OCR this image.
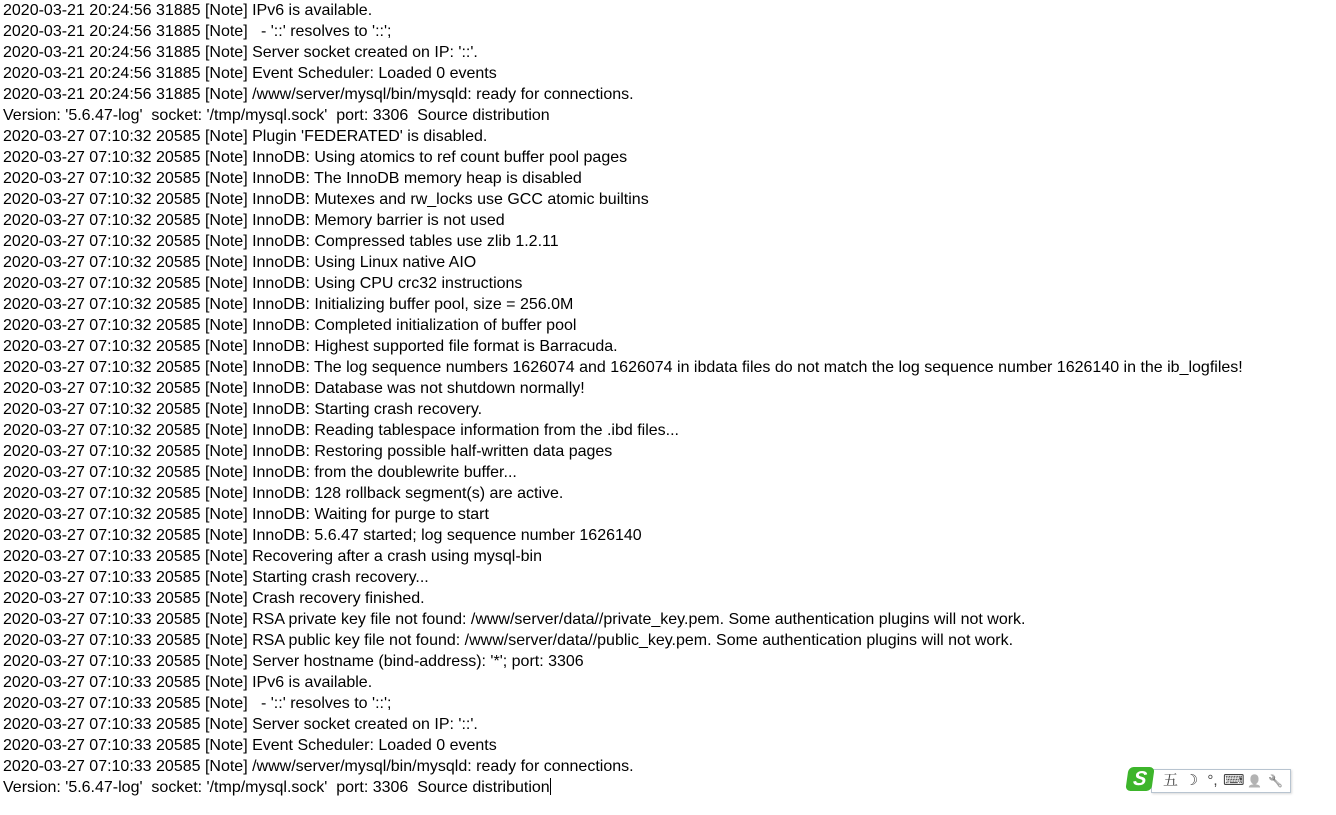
2020-03-21 20:24:56 31885 [Note] IPv6 is available.
2020-03-21 20:24:56 31885 [Note]   - '::' resolves to '::';
2020-03-21 20:24:56 31885 [Note] Server socket created on IP: '::'.
2020-03-21 20:24:56 31885 [Note] Event Scheduler: Loaded 0 events
2020-03-21 20:24:56 31885 [Note] /www/server/mysql/bin/mysqld: ready for connections.
Version: '5.6.47-log'  socket: '/tmp/mysql.sock'  port: 3306  Source distribution
2020-03-27 07:10:32 20585 [Note] Plugin 'FEDERATED' is disabled.
2020-03-27 07:10:32 20585 [Note] InnoDB: Using atomics to ref count buffer pool pages
2020-03-27 07:10:32 20585 [Note] InnoDB: The InnoDB memory heap is disabled
2020-03-27 07:10:32 20585 [Note] InnoDB: Mutexes and rw_locks use GCC atomic builtins
2020-03-27 07:10:32 20585 [Note] InnoDB: Memory barrier is not used
2020-03-27 07:10:32 20585 [Note] InnoDB: Compressed tables use zlib 1.2.11
2020-03-27 07:10:32 20585 [Note] InnoDB: Using Linux native AIO
2020-03-27 07:10:32 20585 [Note] InnoDB: Using CPU crc32 instructions
2020-03-27 07:10:32 20585 [Note] InnoDB: Initializing buffer pool, size = 256.0M
2020-03-27 07:10:32 20585 [Note] InnoDB: Completed initialization of buffer pool
2020-03-27 07:10:32 20585 [Note] InnoDB: Highest supported file format is Barracuda.
2020-03-27 07:10:32 20585 [Note] InnoDB: The log sequence numbers 1626074 and 1626074 in ibdata files do not match the log sequence number 1626140 in the ib_logfiles!
2020-03-27 07:10:32 20585 [Note] InnoDB: Database was not shutdown normally!
2020-03-27 07:10:32 20585 [Note] InnoDB: Starting crash recovery.
2020-03-27 07:10:32 20585 [Note] InnoDB: Reading tablespace information from the .ibd files...
2020-03-27 07:10:32 20585 [Note] InnoDB: Restoring possible half-written data pages
2020-03-27 07:10:32 20585 [Note] InnoDB: from the doublewrite buffer...
2020-03-27 07:10:32 20585 [Note] InnoDB: 128 rollback segment(s) are active.
2020-03-27 07:10:32 20585 [Note] InnoDB: Waiting for purge to start
2020-03-27 07:10:32 20585 [Note] InnoDB: 5.6.47 started; log sequence number 1626140
2020-03-27 07:10:33 20585 [Note] Recovering after a crash using mysql-bin
2020-03-27 07:10:33 20585 [Note] Starting crash recovery...
2020-03-27 07:10:33 20585 [Note] Crash recovery finished.
2020-03-27 07:10:33 20585 [Note] RSA private key file not found: /www/server/data//private_key.pem. Some authentication plugins will not work.
2020-03-27 07:10:33 20585 [Note] RSA public key file not found: /www/server/data//public_key.pem. Some authentication plugins will not work.
2020-03-27 07:10:33 20585 [Note] Server hostname (bind-address): '*'; port: 3306
2020-03-27 07:10:33 20585 [Note] IPv6 is available.
2020-03-27 07:10:33 20585 [Note]   - '::' resolves to '::';
2020-03-27 07:10:33 20585 [Note] Server socket created on IP: '::'.
2020-03-27 07:10:33 20585 [Note] Event Scheduler: Loaded 0 events
2020-03-27 07:10:33 20585 [Note] /www/server/mysql/bin/mysqld: ready for connections.
Version: '5.6.47-log'  socket: '/tmp/mysql.sock'  port: 3306  Source distribution	五 ☽ °, ⌨ 👤 🔧
S
